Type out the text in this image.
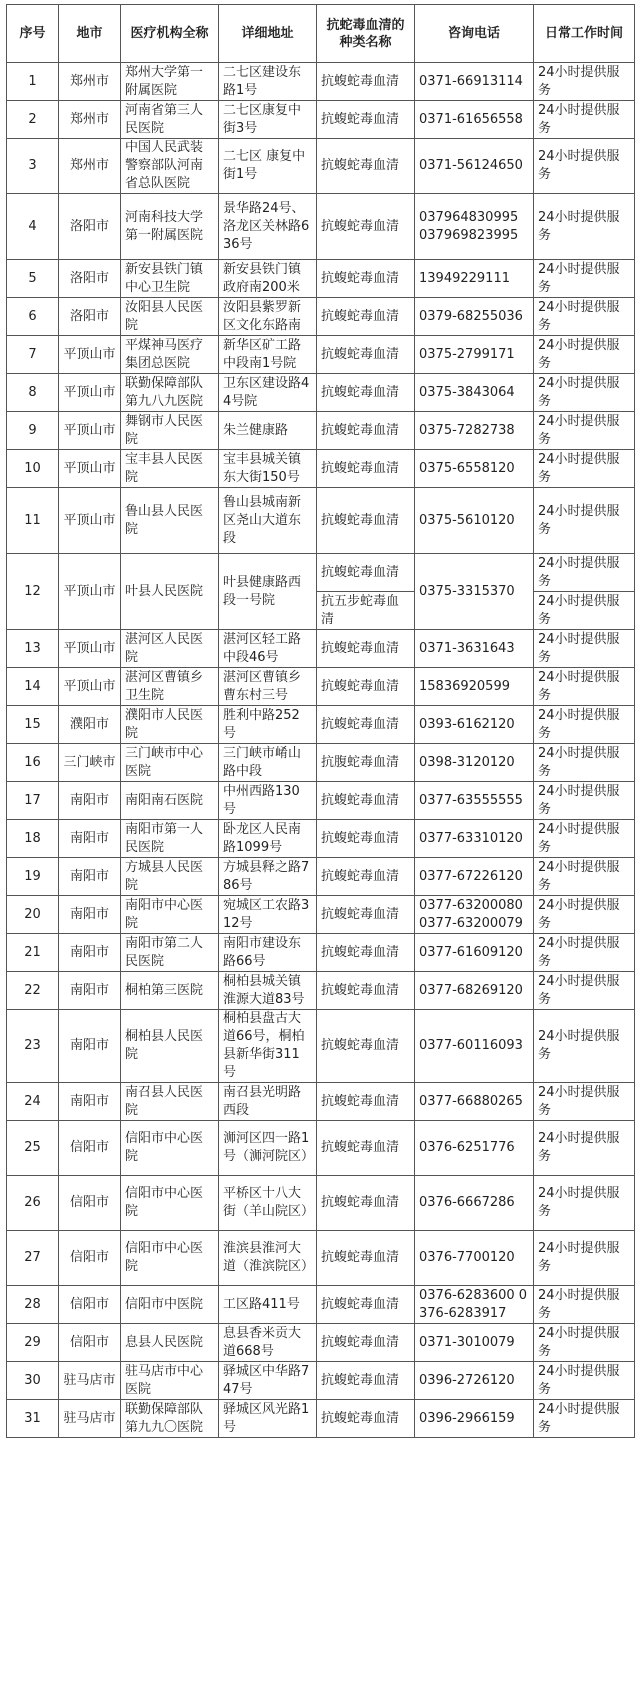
序号	地市	医疗机构全称	详细地址	抗蛇毒血清的种类名称	咨询电话	日常工作时间
1	郑州市	郑州大学第一附属医院	二七区建设东路1号	抗蝮蛇毒血清	0371-66913114	24小时提供服务
2	郑州市	河南省第三人民医院	二七区康复中街3号	抗蝮蛇毒血清	0371-61656558	24小时提供服务
3	郑州市	中国人民武装警察部队河南省总队医院	二七区 康复中街1号	抗蝮蛇毒血清	0371-56124650	24小时提供服务
4	洛阳市	河南科技大学第一附属医院	景华路24号、洛龙区关林路636号	抗蝮蛇毒血清	037964830995 037969823995	24小时提供服务
5	洛阳市	新安县铁门镇中心卫生院	新安县铁门镇政府南200米	抗蝮蛇毒血清	13949229111	24小时提供服务
6	洛阳市	汝阳县人民医院	汝阳县紫罗新区文化东路南	抗蝮蛇毒血清	0379-68255036	24小时提供服务
7	平顶山市	平煤神马医疗集团总医院	新华区矿工路中段南1号院	抗蝮蛇毒血清	0375-2799171	24小时提供服务
8	平顶山市	联勤保障部队第九八九医院	卫东区建设路44号院	抗蝮蛇毒血清	0375-3843064	24小时提供服务
9	平顶山市	舞钢市人民医院	朱兰健康路	抗蝮蛇毒血清	0375-7282738	24小时提供服务
10	平顶山市	宝丰县人民医院	宝丰县城关镇东大街150号	抗蝮蛇毒血清	0375-6558120	24小时提供服务
11	平顶山市	鲁山县人民医院	鲁山县城南新区尧山大道东段	抗蝮蛇毒血清	0375-5610120	24小时提供服务
12	平顶山市	叶县人民医院	叶县健康路西段一号院	抗蝮蛇毒血清	0375-3315370	24小时提供服务
				抗五步蛇毒血清		24小时提供服务
13	平顶山市	湛河区人民医院	湛河区轻工路中段46号	抗蝮蛇毒血清	0371-3631643	24小时提供服务
14	平顶山市	湛河区曹镇乡卫生院	湛河区曹镇乡曹东村三号	抗蝮蛇毒血清	15836920599	24小时提供服务
15	濮阳市	濮阳市人民医院	胜利中路252号	抗蝮蛇毒血清	0393-6162120	24小时提供服务
16	三门峡市	三门峡市中心医院	三门峡市崤山路中段	抗腹蛇毒血清	0398-3120120	24小时提供服务
17	南阳市	南阳南石医院	中州西路130号	抗蝮蛇毒血清	0377-63555555	24小时提供服务
18	南阳市	南阳市第一人民医院	卧龙区人民南路1099号	抗蝮蛇毒血清	0377-63310120	24小时提供服务
19	南阳市	方城县人民医院	方城县释之路786号	抗蝮蛇毒血清	0377-67226120	24小时提供服务
20	南阳市	南阳市中心医院	宛城区工农路312号	抗蝮蛇毒血清	0377-63200080 0377-63200079	24小时提供服务
21	南阳市	南阳市第二人民医院	南阳市建设东路66号	抗蝮蛇毒血清	0377-61609120	24小时提供服务
22	南阳市	桐柏第三医院	桐柏县城关镇淮源大道83号	抗蝮蛇毒血清	0377-68269120	24小时提供服务
23	南阳市	桐柏县人民医院	桐柏县盘古大道66号，桐柏县新华街311号	抗蝮蛇毒血清	0377-60116093	24小时提供服务
24	南阳市	南召县人民医院	南召县光明路西段	抗蝮蛇毒血清	0377-66880265	24小时提供服务
25	信阳市	信阳市中心医院	浉河区四一路1号（浉河院区）	抗蝮蛇毒血清	0376-6251776	24小时提供服务
26	信阳市	信阳市中心医院	平桥区十八大街（羊山院区）	抗蝮蛇毒血清	0376-6667286	24小时提供服务
27	信阳市	信阳市中心医院	淮滨县淮河大道（淮滨院区）	抗蝮蛇毒血清	0376-7700120	24小时提供服务
28	信阳市	信阳市中医院	工区路411号	抗蝮蛇毒血清	0376-6283600 0376-6283917	24小时提供服务
29	信阳市	息县人民医院	息县香米贡大道668号	抗蝮蛇毒血清	0371-3010079	24小时提供服务
30	驻马店市	驻马店市中心医院	驿城区中华路747号	抗蝮蛇毒血清	0396-2726120	24小时提供服务
31	驻马店市	联勤保障部队第九九〇医院	驿城区风光路1号	抗蝮蛇毒血清	0396-2966159	24小时提供服务
